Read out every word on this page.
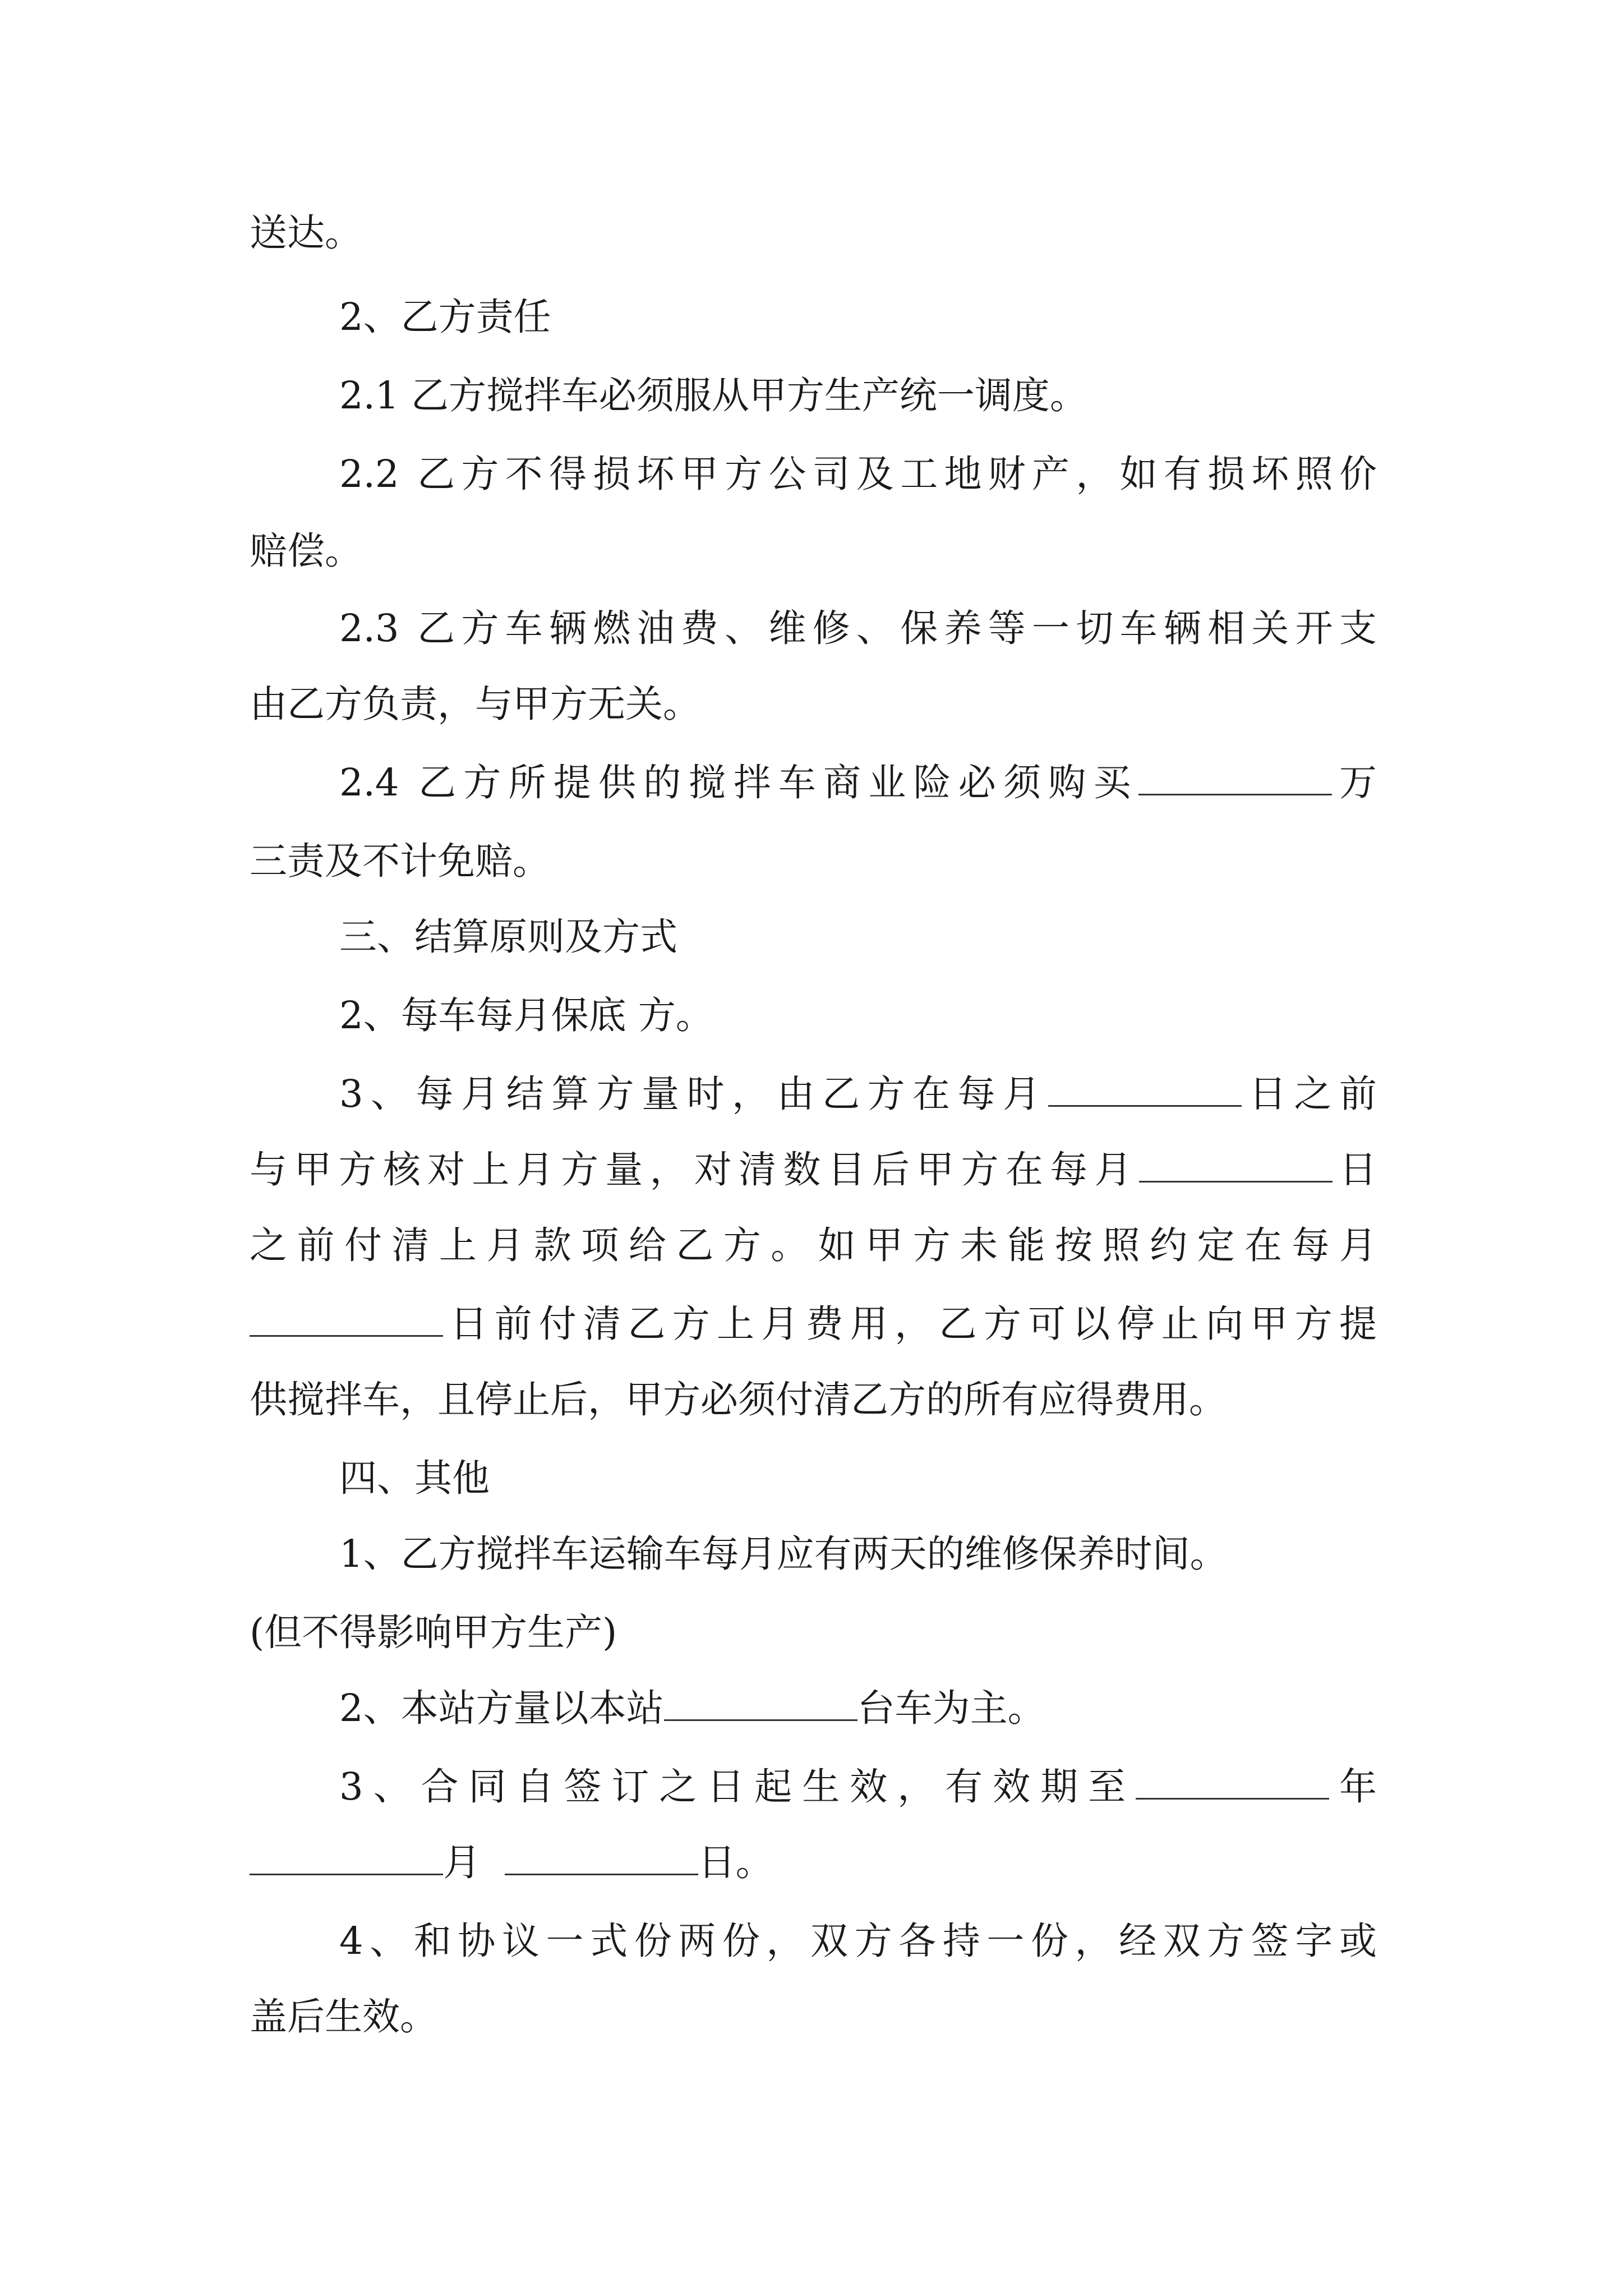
送达。

2、乙方责任

2.1 乙方搅拌车必须服从甲方生产统一调度。

2.2 乙方不得损坏甲方公司及工地财产，如有损坏照价

赔偿。

2.3 乙方车辆燃油费、维修、保养等一切车辆相关开支

由乙方负责，与甲方无关。

2.4 乙方所提供的搅拌车商业险必须购买	万

三责及不计免赔。

三、结算原则及方式

2、每车每月保底 方。

3、每月结算方量时，由乙方在每月	日之前

与甲方核对上月方量，对清数目后甲方在每月	日

之前付清上月款项给乙方。如甲方未能按照约定在每月

日前付清乙方上月费用，乙方可以停止向甲方提

供搅拌车，且停止后，甲方必须付清乙方的所有应得费用。

四、其他

1、乙方搅拌车运输车每月应有两天的维修保养时间。

(但不得影响甲方生产)

2、本站方量以本站	台车为主。

3、合同自签订之日起生效，有效期至	年

月	日。

4、和协议一式份两份，双方各持一份，经双方签字或

盖后生效。
